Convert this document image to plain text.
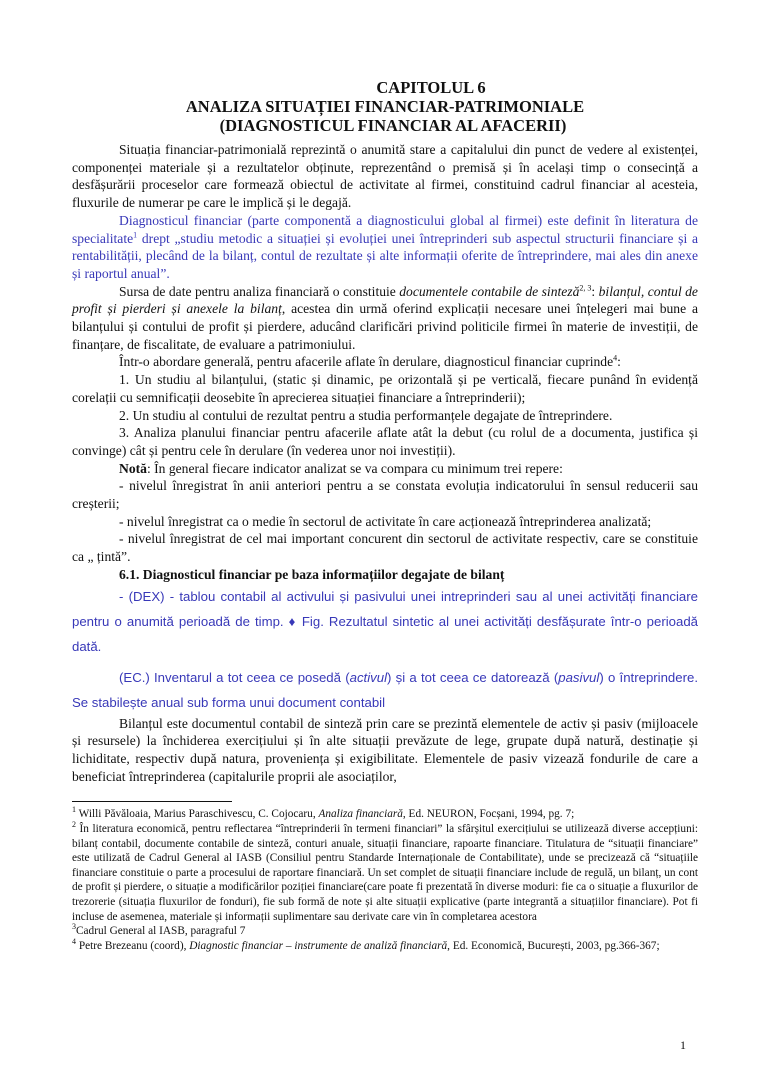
CAPITOLUL 6
ANALIZA SITUAȚIEI FINANCIAR-PATRIMONIALE
(DIAGNOSTICUL FINANCIAR AL AFACERII)

Situația financiar-patrimonială reprezintă o anumită stare a capitalului din punct de vedere al existenței, componenței materiale și a rezultatelor obținute, reprezentând o premisă și în același timp o consecință a desfășurării proceselor care formează obiectul de activitate al firmei, constituind cadrul financiar al acesteia, fluxurile de numerar pe care le implică și le degajă.

Diagnosticul financiar (parte componentă a diagnosticului global al firmei) este definit în literatura de specialitate$^1$ drept „studiu metodic a situației și evoluției unei întreprinderi sub aspectul structurii financiare și a rentabilității, plecând de la bilanț, contul de rezultate și alte informații oferite de întreprindere, mai ales din anexe și raportul anual”.

Sursa de date pentru analiza financiară o constituie documentele contabile de sinteză$^{2, 3}$: bilanțul, contul de profit și pierderi și anexele la bilanț, acestea din urmă oferind explicații necesare unei înțelegeri mai bune a bilanțului și contului de profit și pierdere, aducând clarificări privind politicile firmei în materie de investiții, de finanțare, de fiscalitate, de evaluare a patrimoniului.

Într-o abordare generală, pentru afacerile aflate în derulare, diagnosticul financiar cuprinde$^4$:

1. Un studiu al bilanțului, (static și dinamic, pe orizontală și pe verticală, fiecare punând în evidență corelații cu semnificații deosebite în aprecierea situației financiare a întreprinderii);

2. Un studiu al contului de rezultat pentru a studia performanțele degajate de întreprindere.

3. Analiza planului financiar pentru afacerile aflate atât la debut (cu rolul de a documenta, justifica și convinge) cât și pentru cele în derulare (în vederea unor noi investiții).

Notă: În general fiecare indicator analizat se va compara cu minimum trei repere:

- nivelul înregistrat în anii anteriori pentru a se constata evoluția indicatorului în sensul reducerii sau creșterii;

- nivelul înregistrat ca o medie în sectorul de activitate în care acționează întreprinderea analizată;

- nivelul înregistrat de cel mai important concurent din sectorul de activitate respectiv, care se constituie ca „ țintă”.

6.1. Diagnosticul financiar pe baza informațiilor degajate de bilanț

- (DEX) - tablou contabil al activului și pasivului unei intreprinderi sau al unei activități financiare pentru o anumită perioadă de timp. ♦ Fig. Rezultatul sintetic al unei activități desfășurate într-o perioadă dată.

(EC.) Inventarul a tot ceea ce posedă (activul) și a tot ceea ce datorează (pasivul) o întreprindere. Se stabilește anual sub forma unui document contabil

Bilanțul este documentul contabil de sinteză prin care se prezintă elementele de activ și pasiv (mijloacele și resursele) la închiderea exercițiului și în alte situații prevăzute de lege, grupate după natură, destinație și lichiditate, respectiv după natura, proveniența și exigibilitate. Elementele de pasiv vizează fondurile de care a beneficiat întreprinderea (capitalurile proprii ale asociaților,

$^1$ Willi Păvăloaia, Marius Paraschivescu, C. Cojocaru, Analiza financiară, Ed. NEURON, Focșani, 1994, pg. 7;

$^2$ În literatura economică, pentru reflectarea “întreprinderii în termeni financiari” la sfârșitul exercițiului se utilizează diverse accepțiuni: bilanț contabil, documente contabile de sinteză, conturi anuale, situații financiare, rapoarte financiare. Titulatura de “situații financiare” este utilizată de Cadrul General al IASB (Consiliul pentru Standarde Internaționale de Contabilitate), unde se precizează că “situațiile financiare constituie o parte a procesului de raportare financiară. Un set complet de situații financiare include de regulă, un bilanț, un cont de profit și pierdere, o situație a modificărilor poziției financiare(care poate fi prezentată în diverse moduri: fie ca o situație a fluxurilor de trezorerie (situația fluxurilor de fonduri), fie sub formă de note și alte situații explicative (parte integrantă a situațiilor financiare). Pot fi incluse de asemenea, materiale și informații suplimentare sau derivate care vin în completarea acestora

$^3$Cadrul General al IASB, paragraful 7

$^4$ Petre Brezeanu (coord), Diagnostic financiar – instrumente de analiză financiară, Ed. Economică, București, 2003, pg.366-367;

1
